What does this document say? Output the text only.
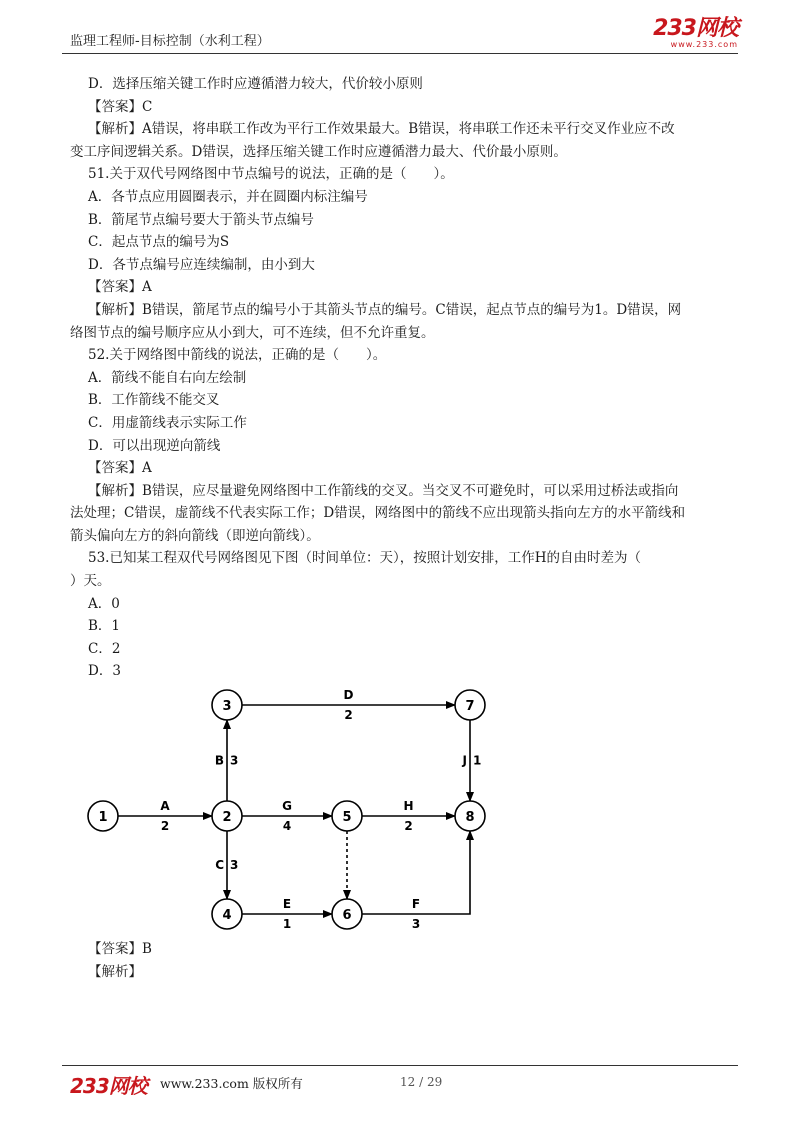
监理工程师-目标控制（水利工程）
233网校
www.233.com

D．选择压缩关键工作时应遵循潜力较大，代价较小原则

【答案】C

【解析】A错误，将串联工作改为平行工作效果最大。B错误，将串联工作还未平行交叉作业应不改

变工序间逻辑关系。D错误，选择压缩关键工作时应遵循潜力最大、代价最小原则。

51.关于双代号网络图中节点编号的说法，正确的是（　　）。

A．各节点应用圆圈表示，并在圆圈内标注编号

B．箭尾节点编号要大于箭头节点编号

C．起点节点的编号为S

D．各节点编号应连续编制，由小到大

【答案】A

【解析】B错误，箭尾节点的编号小于其箭头节点的编号。C错误，起点节点的编号为1。D错误，网

络图节点的编号顺序应从小到大，可不连续，但不允许重复。

52.关于网络图中箭线的说法，正确的是（　　）。

A．箭线不能自右向左绘制

B．工作箭线不能交叉

C．用虚箭线表示实际工作

D．可以出现逆向箭线

【答案】A

【解析】B错误，应尽量避免网络图中工作箭线的交叉。当交叉不可避免时，可以采用过桥法或指向

法处理；C错误，虚箭线不代表实际工作；D错误，网络图中的箭线不应出现箭头指向左方的水平箭线和

箭头偏向左方的斜向箭线（即逆向箭线）。

53.已知某工程双代号网络图见下图（时间单位：天），按照计划安排，工作H的自由时差为（

）天。

A．0

B．1

C．2

D．3

A
2
B 3
C 3
D
2
E
1
F
3
G
4
H
2
J 1
1	2
3
4
5
6
7
8

【答案】B

【解析】

233网校 www.233.com 版权所有	12 / 29
